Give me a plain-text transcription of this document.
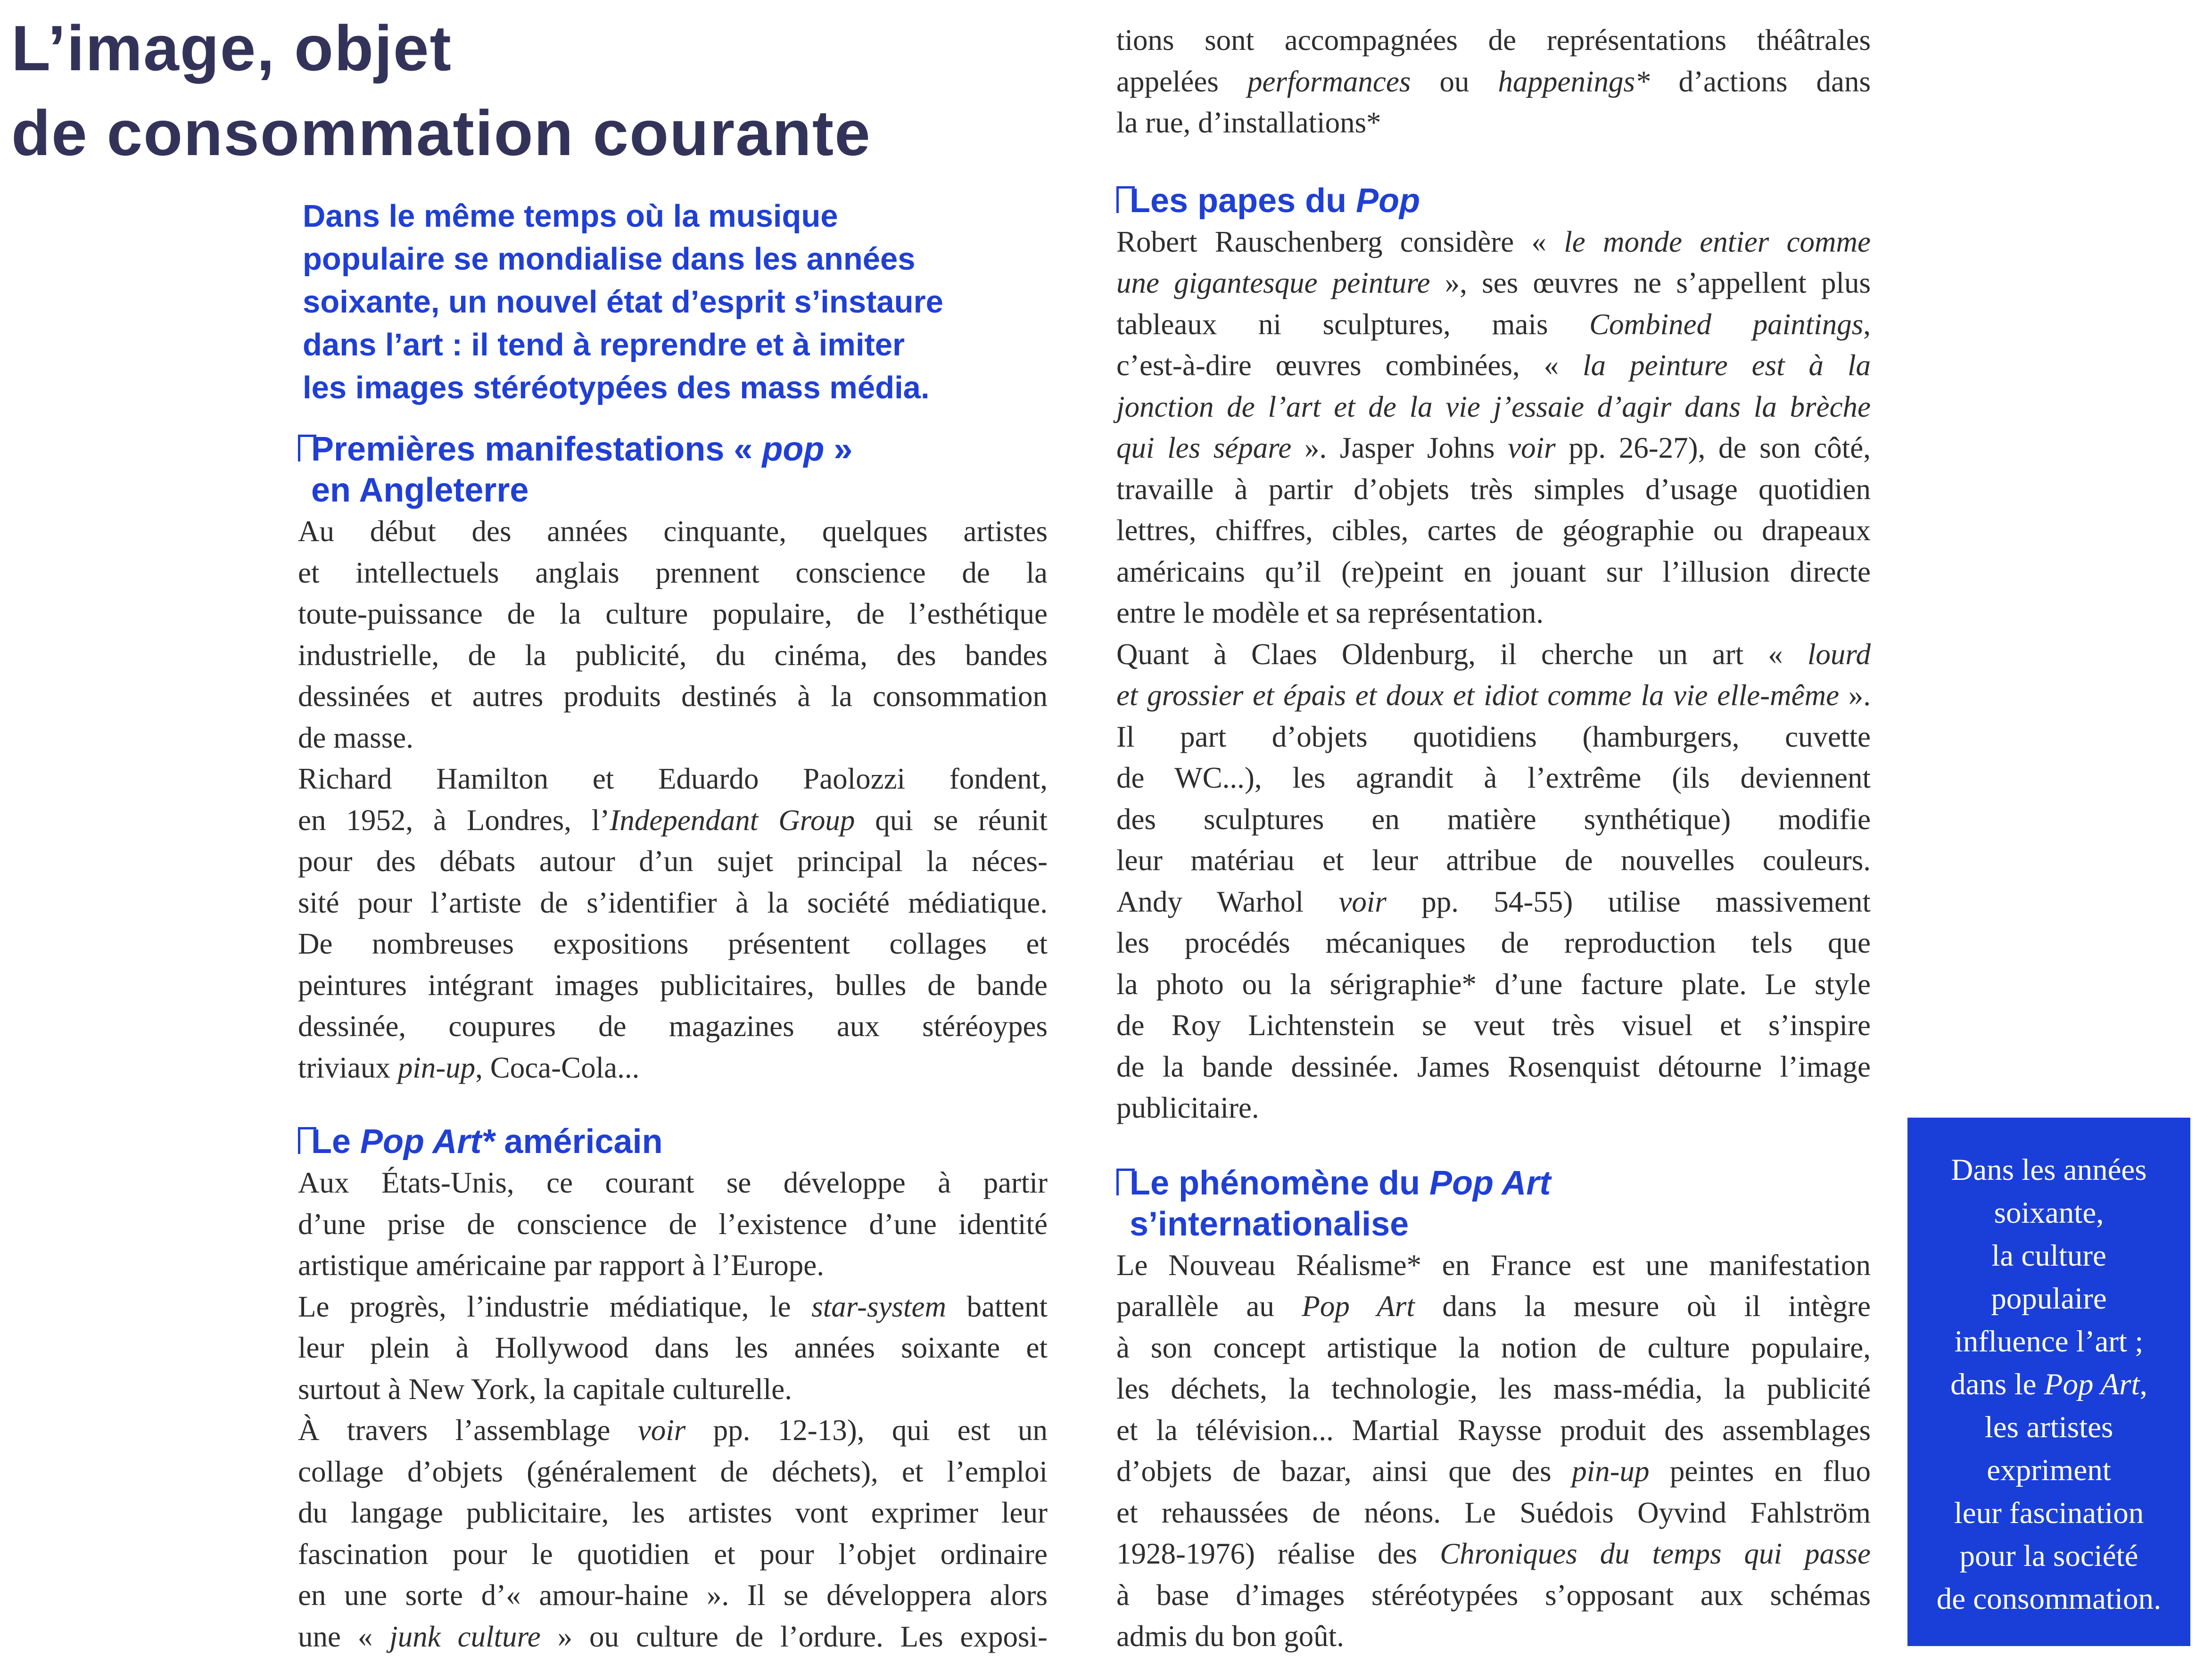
L’image, objet
de consommation courante
Dans le même temps où la musique
populaire se mondialise dans les années
soixante, un nouvel état d’esprit s’instaure
dans l’art : il tend à reprendre et à imiter
les images stéréotypées des mass média.
Premières manifestations « pop »
en Angleterre
Au début des années cinquante, quelques artistes
et intellectuels anglais prennent conscience de la
toute-puissance de la culture populaire, de l’esthétique
industrielle, de la publicité, du cinéma, des bandes
dessinées et autres produits destinés à la consommation
de masse.
Richard Hamilton et Eduardo Paolozzi fondent,
en 1952, à Londres, l’Independant Group qui se réunit
pour des débats autour d’un sujet principal la néces-
sité pour l’artiste de s’identifier à la société médiatique.
De nombreuses expositions présentent collages et
peintures intégrant images publicitaires, bulles de bande
dessinée, coupures de magazines aux stéréoypes
triviaux pin-up, Coca-Cola...
Le Pop Art* américain
Aux États-Unis, ce courant se développe à partir
d’une prise de conscience de l’existence d’une identité
artistique américaine par rapport à l’Europe.
Le progrès, l’industrie médiatique, le star-system battent
leur plein à Hollywood dans les années soixante et
surtout à New York, la capitale culturelle.
À travers l’assemblage voir pp. 12-13), qui est un
collage d’objets (généralement de déchets), et l’emploi
du langage publicitaire, les artistes vont exprimer leur
fascination pour le quotidien et pour l’objet ordinaire
en une sorte d’« amour-haine ». Il se développera alors
une « junk culture » ou culture de l’ordure. Les exposi-
tions sont accompagnées de représentations théâtrales
appelées performances ou happenings* d’actions dans
la rue, d’installations*
Les papes du Pop
Robert Rauschenberg considère « le monde entier comme
une gigantesque peinture », ses œuvres ne s’appellent plus
tableaux ni sculptures, mais Combined paintings,
c’est-à-dire œuvres combinées, « la peinture est à la
jonction de l’art et de la vie j’essaie d’agir dans la brèche
qui les sépare ». Jasper Johns voir pp. 26-27), de son côté,
travaille à partir d’objets très simples d’usage quotidien
lettres, chiffres, cibles, cartes de géographie ou drapeaux
américains qu’il (re)peint en jouant sur l’illusion directe
entre le modèle et sa représentation.
Quant à Claes Oldenburg, il cherche un art « lourd
et grossier et épais et doux et idiot comme la vie elle-même ».
Il part d’objets quotidiens (hamburgers, cuvette
de WC...), les agrandit à l’extrême (ils deviennent
des sculptures en matière synthétique) modifie
leur matériau et leur attribue de nouvelles couleurs.
Andy Warhol voir pp. 54-55) utilise massivement
les procédés mécaniques de reproduction tels que
la photo ou la sérigraphie* d’une facture plate. Le style
de Roy Lichtenstein se veut très visuel et s’inspire
de la bande dessinée. James Rosenquist détourne l’image
publicitaire.
Le phénomène du Pop Art
s’internationalise
Le Nouveau Réalisme* en France est une manifestation
parallèle au Pop Art dans la mesure où il intègre
à son concept artistique la notion de culture populaire,
les déchets, la technologie, les mass-média, la publicité
et la télévision... Martial Raysse produit des assemblages
d’objets de bazar, ainsi que des pin-up peintes en fluo
et rehaussées de néons. Le Suédois Oyvind Fahlström
1928-1976) réalise des Chroniques du temps qui passe
à base d’images stéréotypées s’opposant aux schémas
admis du bon goût.
Dans les années
soixante,
la culture
populaire
influence l’art ;
dans le Pop Art,
les artistes
expriment
leur fascination
pour la société
de consommation.
